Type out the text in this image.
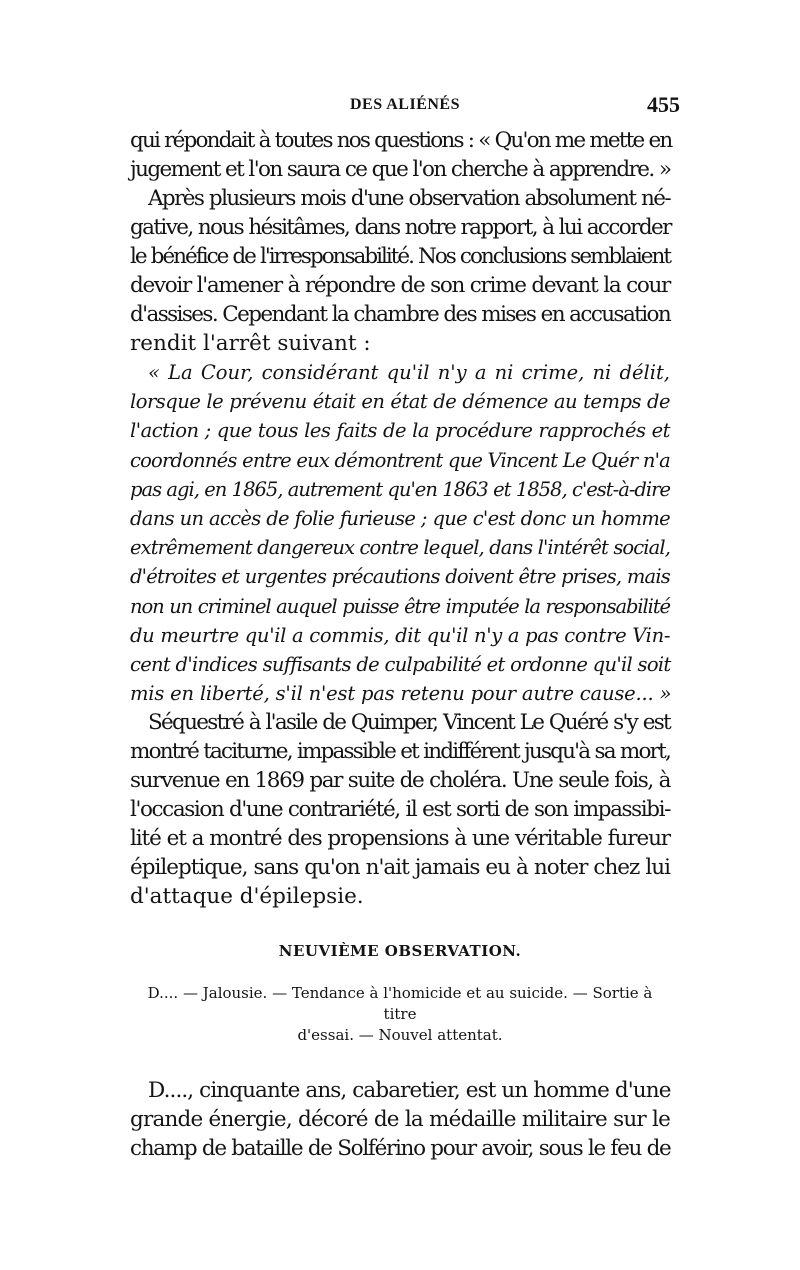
DES ALIÉNÉS	455

qui répondait à toutes nos questions : « Qu'on me mette en
jugement et l'on saura ce que l'on cherche à apprendre. »

Après plusieurs mois d'une observation absolument né-
gative, nous hésitâmes, dans notre rapport, à lui accorder
le bénéfice de l'irresponsabilité. Nos conclusions semblaient
devoir l'amener à répondre de son crime devant la cour
d'assises. Cependant la chambre des mises en accusation
rendit l'arrêt suivant :

« La Cour, considérant qu'il n'y a ni crime, ni délit,
lorsque le prévenu était en état de démence au temps de
l'action ; que tous les faits de la procédure rapprochés et
coordonnés entre eux démontrent que Vincent Le Quér n'a
pas agi, en 1865, autrement qu'en 1863 et 1858, c'est-à-dire
dans un accès de folie furieuse ; que c'est donc un homme
extrêmement dangereux contre lequel, dans l'intérêt social,
d'étroites et urgentes précautions doivent être prises, mais
non un criminel auquel puisse être imputée la responsabilité
du meurtre qu'il a commis, dit qu'il n'y a pas contre Vin-
cent d'indices suffisants de culpabilité et ordonne qu'il soit
mis en liberté, s'il n'est pas retenu pour autre cause... »

Séquestré à l'asile de Quimper, Vincent Le Quéré s'y est
montré taciturne, impassible et indifférent jusqu'à sa mort,
survenue en 1869 par suite de choléra. Une seule fois, à
l'occasion d'une contrariété, il est sorti de son impassibi-
lité et a montré des propensions à une véritable fureur
épileptique, sans qu'on n'ait jamais eu à noter chez lui
d'attaque d'épilepsie.

NEUVIÈME OBSERVATION.
D.... — Jalousie. — Tendance à l'homicide et au suicide. — Sortie à titre
d'essai. — Nouvel attentat.

D...., cinquante ans, cabaretier, est un homme d'une
grande énergie, décoré de la médaille militaire sur le
champ de bataille de Solférino pour avoir, sous le feu de
